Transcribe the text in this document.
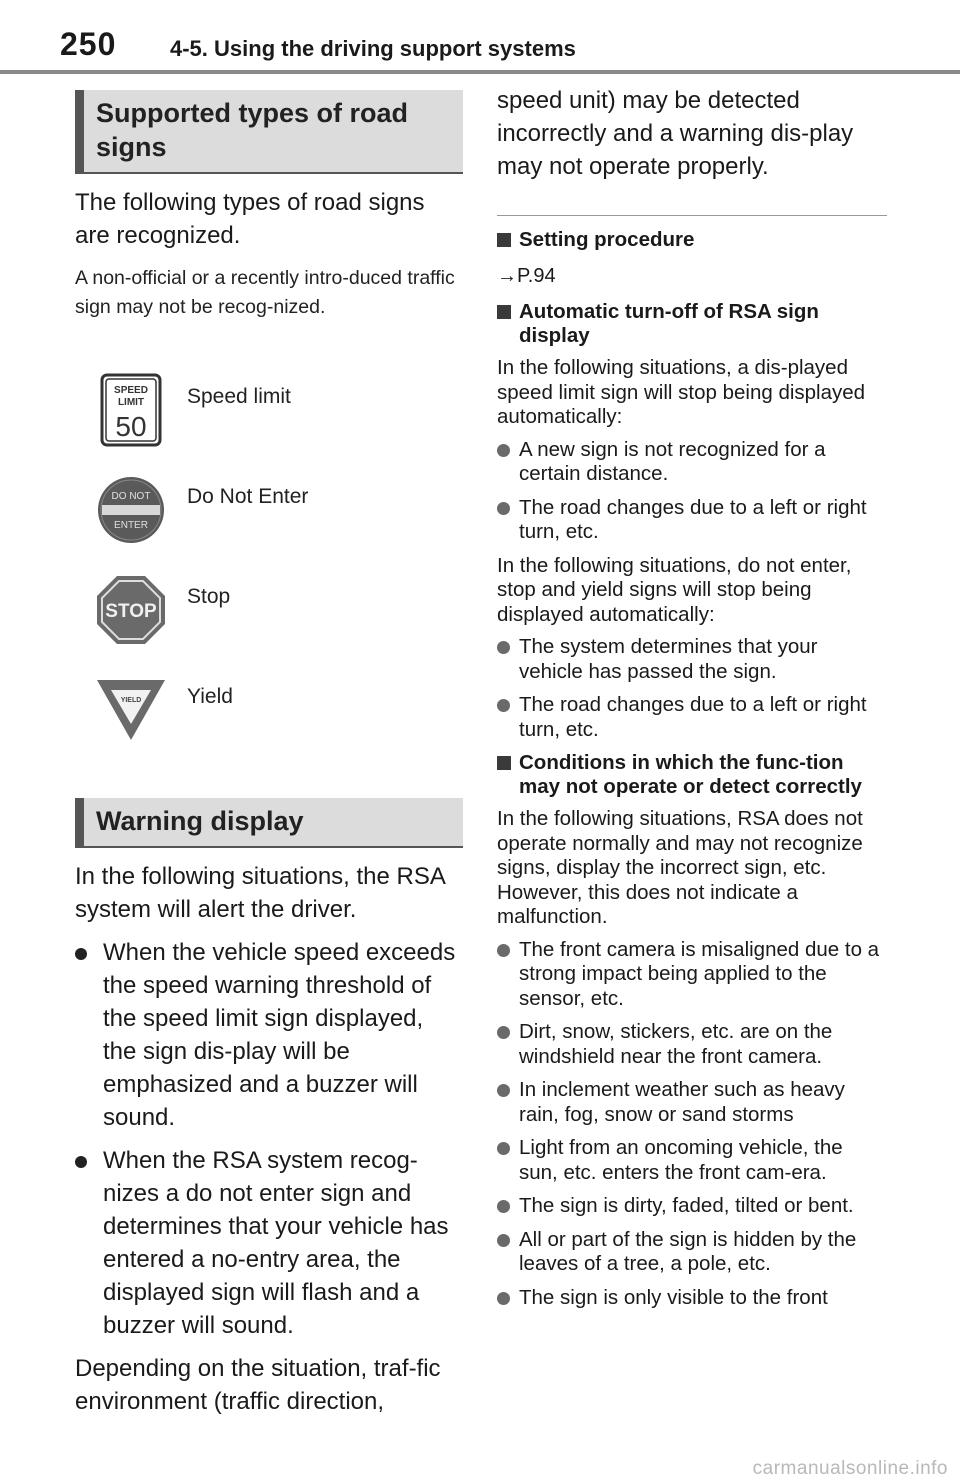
250 4-5. Using the driving support systems
Supported types of road signs

The following types of road signs are recognized.

A non-official or a recently intro-duced traffic sign may not be recog-nized.

SPEED
LIMIT
50
Speed limit
DO NOT
ENTER
Do Not Enter
STOP
Stop
YIELD Yield
Warning display

In the following situations, the RSA system will alert the driver.

When the vehicle speed exceeds the speed warning threshold of the speed limit sign displayed, the sign dis-play will be emphasized and a buzzer will sound.
When the RSA system recog-nizes a do not enter sign and determines that your vehicle has entered a no-entry area, the displayed sign will flash and a buzzer will sound.

Depending on the situation, traf-fic environment (traffic direction,

speed unit) may be detected incorrectly and a warning dis-play may not operate properly.

Setting procedure
→P.94
Automatic turn-off of RSA sign display

In the following situations, a dis-played speed limit sign will stop being displayed automatically:

A new sign is not recognized for a certain distance.
The road changes due to a left or right turn, etc.

In the following situations, do not enter, stop and yield signs will stop being displayed automatically:

The system determines that your vehicle has passed the sign.
The road changes due to a left or right turn, etc.
Conditions in which the func-tion may not operate or detect correctly

In the following situations, RSA does not operate normally and may not recognize signs, display the incorrect sign, etc. However, this does not indicate a malfunction.

The front camera is misaligned due to a strong impact being applied to the sensor, etc.
Dirt, snow, stickers, etc. are on the windshield near the front camera.
In inclement weather such as heavy rain, fog, snow or sand storms
Light from an oncoming vehicle, the sun, etc. enters the front cam-era.
The sign is dirty, faded, tilted or bent.
All or part of the sign is hidden by the leaves of a tree, a pole, etc.
The sign is only visible to the front
carmanualsonline.info
